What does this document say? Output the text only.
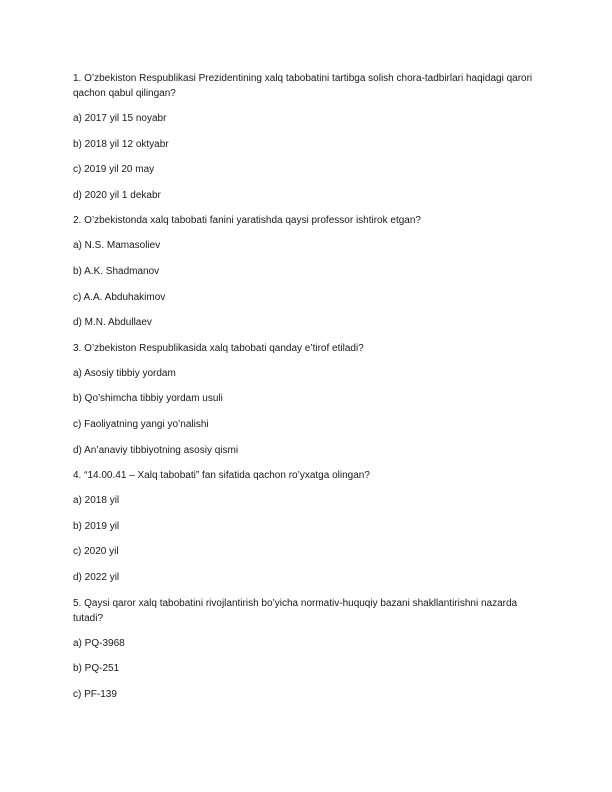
1. O’zbekiston Respublikasi Prezidentining xalq tabobatini tartibga solish chora-tadbirlari haqidagi qarori qachon qabul qilingan?

a) 2017 yil 15 noyabr

b) 2018 yil 12 oktyabr

c) 2019 yil 20 may

d) 2020 yil 1 dekabr

2. O’zbekistonda xalq tabobati fanini yaratishda qaysi professor ishtirok etgan?

a) N.S. Mamasoliev

b) A.K. Shadmanov

c) A.A. Abduhakimov

d) M.N. Abdullaev

3. O’zbekiston Respublikasida xalq tabobati qanday e’tirof etiladi?

a) Asosiy tibbiy yordam

b) Qo’shimcha tibbiy yordam usuli

c) Faoliyatning yangi yo’nalishi

d) An’anaviy tibbiyotning asosiy qismi

4. “14.00.41 – Xalq tabobati” fan sifatida qachon ro’yxatga olingan?

a) 2018 yil

b) 2019 yil

c) 2020 yil

d) 2022 yil

5. Qaysi qaror xalq tabobatini rivojlantirish bo’yicha normativ-huquqiy bazani shakllantirishni nazarda tutadi?

a) PQ-3968

b) PQ-251

c) PF-139
